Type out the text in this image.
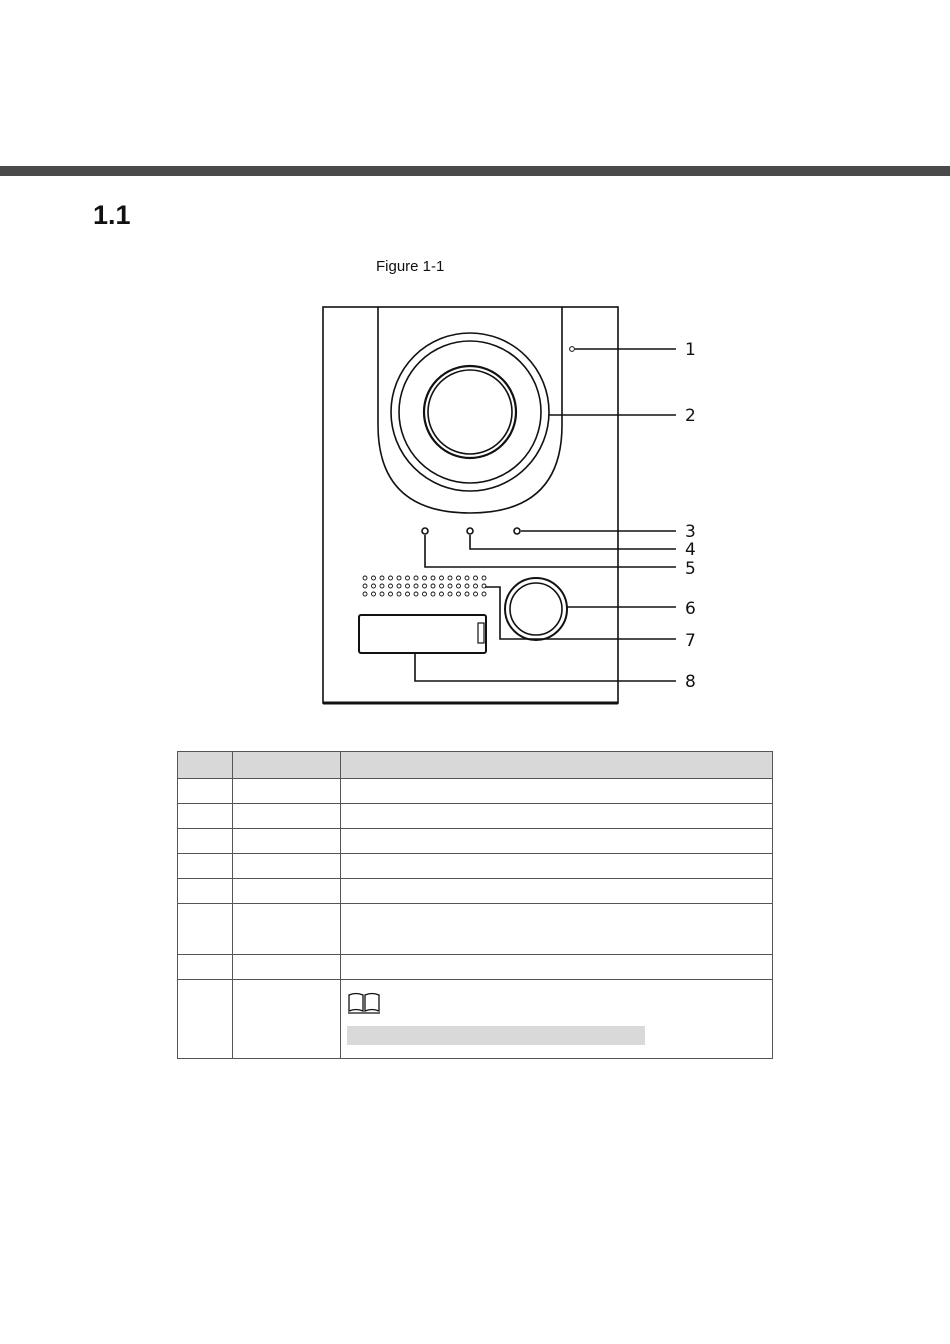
1.1
Figure 1-1
1
2
3
4
5
6
7
8
